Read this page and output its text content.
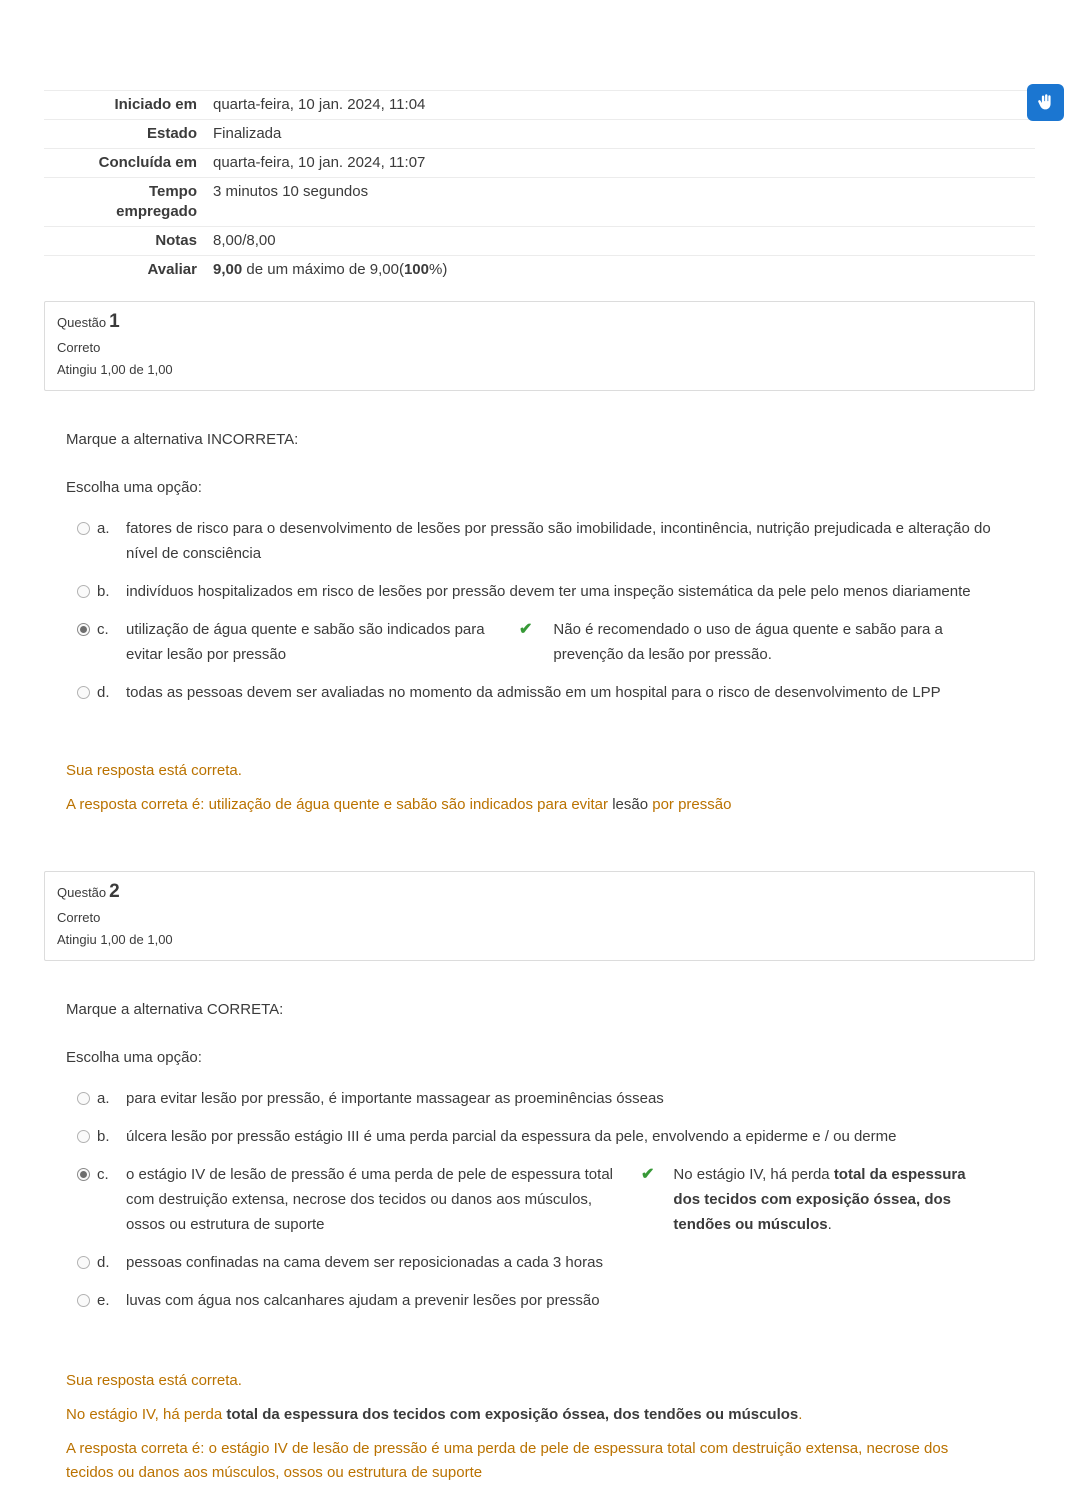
Iniciado em quarta-feira, 10 jan. 2024, 11:04
Estado Finalizada
Concluída em quarta-feira, 10 jan. 2024, 11:07
Tempo empregado
3 minutos 10 segundos
Notas 8,00/8,00
Avaliar 9,00 de um máximo de 9,00(100%)
Questão 1
Correto
Atingiu 1,00 de 1,00

Marque a alternativa INCORRETA:

Escolha uma opção:

a.	fatores de risco para o desenvolvimento de lesões por pressão são imobilidade, incontinência, nutrição prejudicada e alteração do nível de consciência
b.	indivíduos hospitalizados em risco de lesões por pressão devem ter uma inspeção sistemática da pele pelo menos diariamente
c.	utilização de água quente e sabão são indicados para evitar lesão por pressão
✔ Não é recomendado o uso de água quente e sabão para a prevenção da lesão por pressão.
d.	todas as pessoas devem ser avaliadas no momento da admissão em um hospital para o risco de desenvolvimento de LPP

Sua resposta está correta.

A resposta correta é: utilização de água quente e sabão são indicados para evitar lesão por pressão

Questão 2
Correto
Atingiu 1,00 de 1,00

Marque a alternativa CORRETA:

Escolha uma opção:

a.	para evitar lesão por pressão, é importante massagear as proeminências ósseas
b.	úlcera lesão por pressão estágio III é uma perda parcial da espessura da pele, envolvendo a epiderme e / ou derme
c.	o estágio IV de lesão de pressão é uma perda de pele de espessura total com destruição extensa, necrose dos tecidos ou danos aos músculos, ossos ou estrutura de suporte
✔ No estágio IV, há perda total da espessura dos tecidos com exposição óssea, dos tendões ou músculos.
d.	pessoas confinadas na cama devem ser reposicionadas a cada 3 horas
e.	luvas com água nos calcanhares ajudam a prevenir lesões por pressão

Sua resposta está correta.

No estágio IV, há perda total da espessura dos tecidos com exposição óssea, dos tendões ou músculos.

A resposta correta é: o estágio IV de lesão de pressão é uma perda de pele de espessura total com destruição extensa, necrose dos tecidos ou danos aos músculos, ossos ou estrutura de suporte
